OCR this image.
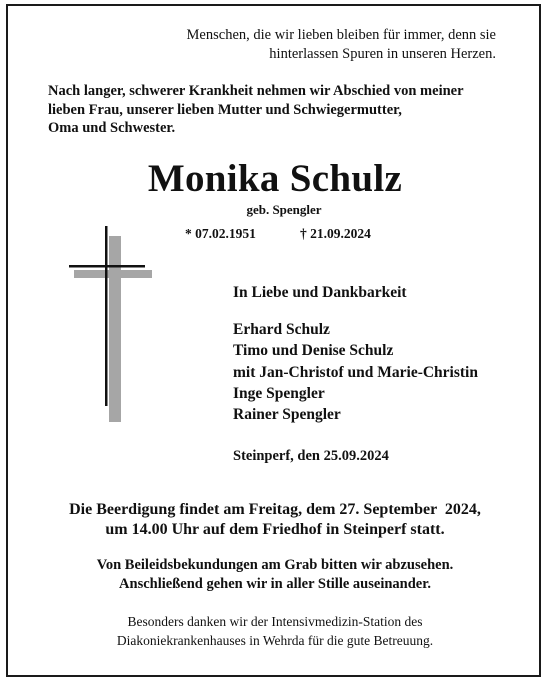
Menschen, die wir lieben bleiben für immer, denn sie
hinterlassen Spuren in unseren Herzen.
Nach langer, schwerer Krankheit nehmen wir Abschied von meiner
lieben Frau, unserer lieben Mutter und Schwiegermutter,
Oma und Schwester.
Monika Schulz
geb. Spengler
* 07.02.1951	† 21.09.2024
In Liebe und Dankbarkeit
Erhard Schulz
Timo und Denise Schulz
mit Jan-Christof und Marie-Christin
Inge Spengler
Rainer Spengler
Steinperf, den 25.09.2024
Die Beerdigung findet am Freitag, dem 27. September  2024,
um 14.00 Uhr auf dem Friedhof in Steinperf statt.
Von Beileidsbekundungen am Grab bitten wir abzusehen.
Anschließend gehen wir in aller Stille auseinander.
Besonders danken wir der Intensivmedizin-Station des
Diakoniekrankenhauses in Wehrda für die gute Betreuung.
